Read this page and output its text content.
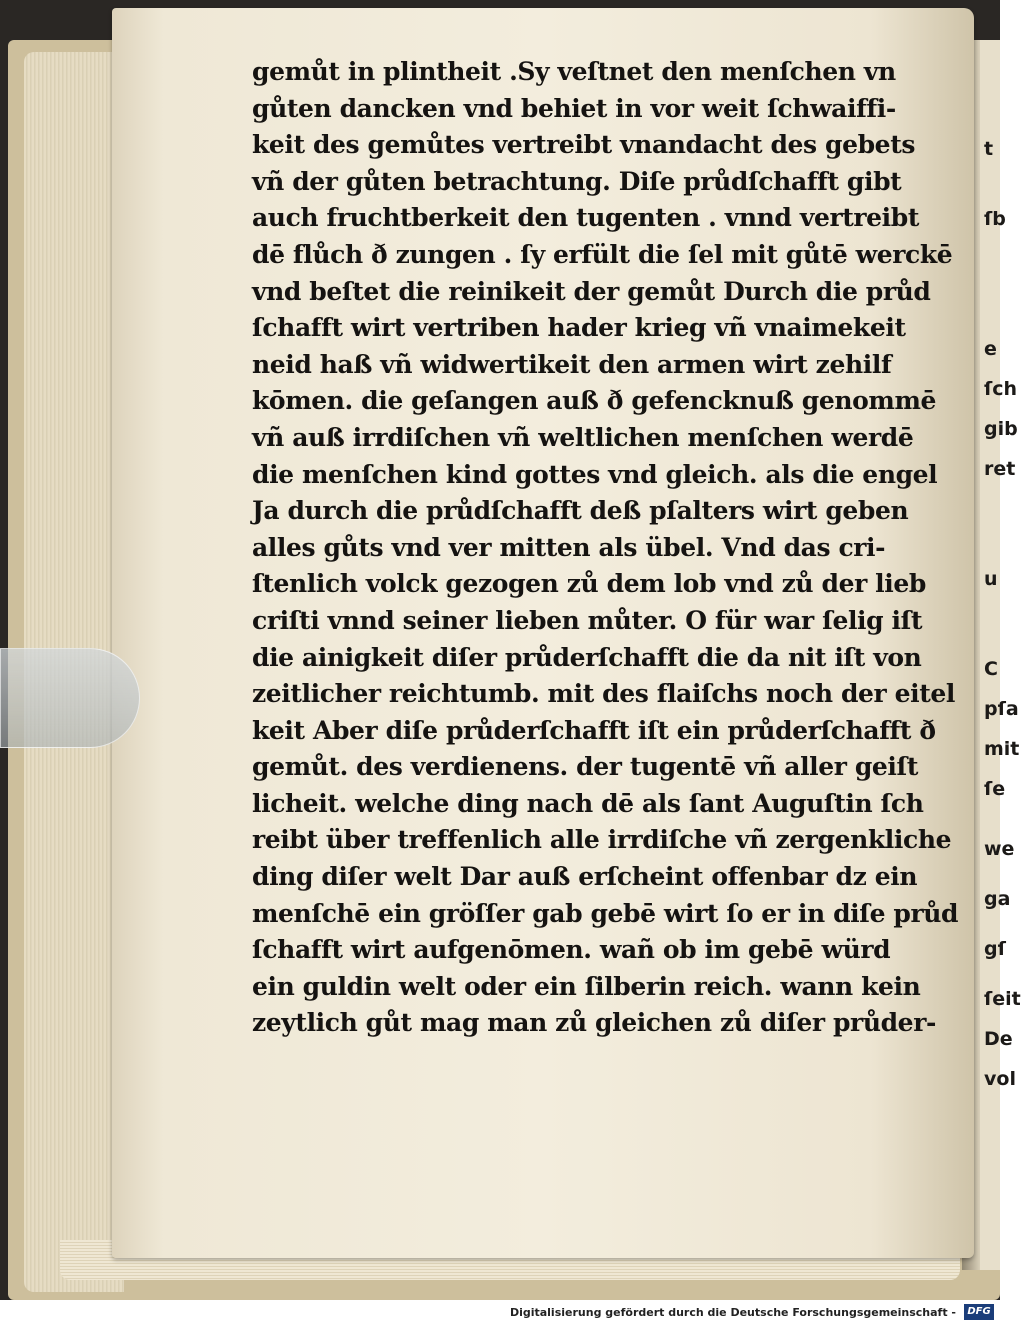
t
ſb
e
ſch
gib
ret
u
C
pſa
mit
ſe
we
ga
gſ
ſeit
De
vol
gemůt in plintheit .Sy veſtnet den menſchen vn
gůten dancken vnd behiet in vor weit ſchwaiffi-
keit des gemůtes vertreibt vnandacht des gebets
vñ der gůten betrachtung. Diſe průdſchafft gibt
auch fruchtberkeit den tugenten . vnnd vertreibt
dē flůch ð zungen . ſy erfült die ſel mit gůtē werckē
vnd beſtet die reinikeit der gemůt Durch die průd
ſchafft wirt vertriben hader krieg vñ vnaimekeit
neid haß vñ widwertikeit den armen wirt zehilf
kōmen. die geſangen auß ð gefencknuß genommē
vñ auß irrdiſchen vñ weltlichen menſchen werdē
die menſchen kind gottes vnd gleich. als die engel
Ja durch die průdſchafft deß pſalters wirt geben
alles gůts vnd ver mitten als übel. Vnd das cri-
ſtenlich volck gezogen zů dem lob vnd zů der lieb
criſti vnnd seiner lieben můter. O für war ſelig iſt
die ainigkeit diſer průderſchafft die da nit iſt von
zeitlicher reichtumb. mit des flaiſchs noch der eitel
keit Aber diſe průderſchafft iſt ein průderſchafft ð
gemůt. des verdienens. der tugentē vñ aller geiſt
licheit. welche ding nach dē als ſant Auguſtin ſch
reibt über treffenlich alle irrdiſche vñ zergenkliche
ding diſer welt Dar auß erſcheint offenbar dz ein
menſchē ein gröſſer gab gebē wirt ſo er in diſe průd
ſchafft wirt aufgenōmen. wañ ob im gebē würd
ein guldin welt oder ein ſilberin reich. wann kein
zeytlich gůt mag man zů gleichen zů diſer průder-
Digitalisierung gefördert durch die Deutsche Forschungsgemeinschaft -	DFG
